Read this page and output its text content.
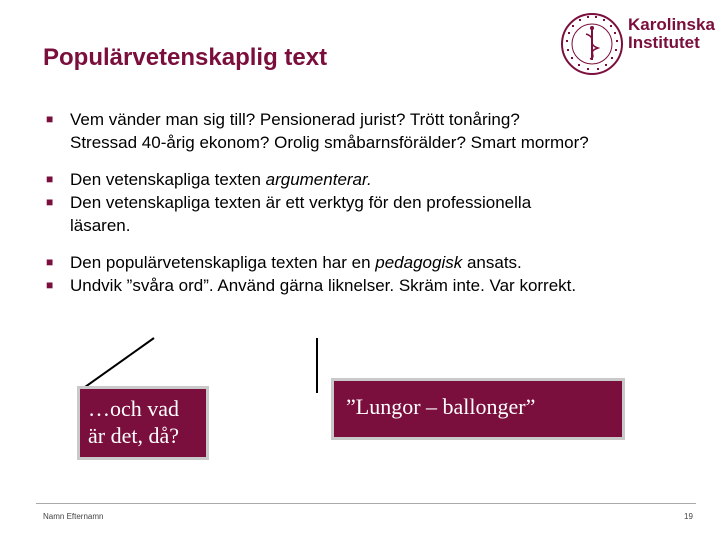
Populärvetenskaplig text
Karolinska
Institutet
■ Vem vänder man sig till? Pensionerad jurist? Trött tonåring?
Stressad 40-årig ekonom? Orolig småbarnsförälder? Smart mormor?
■ Den vetenskapliga texten argumenterar.
■ Den vetenskapliga texten är ett verktyg för den professionella
läsaren.
■ Den populärvetenskapliga texten har en pedagogisk ansats.
■ Undvik ”svåra ord”. Använd gärna liknelser. Skräm inte. Var korrekt.
…och vad
är det, då?
”Lungor – ballonger”
Namn Efternamn	19
